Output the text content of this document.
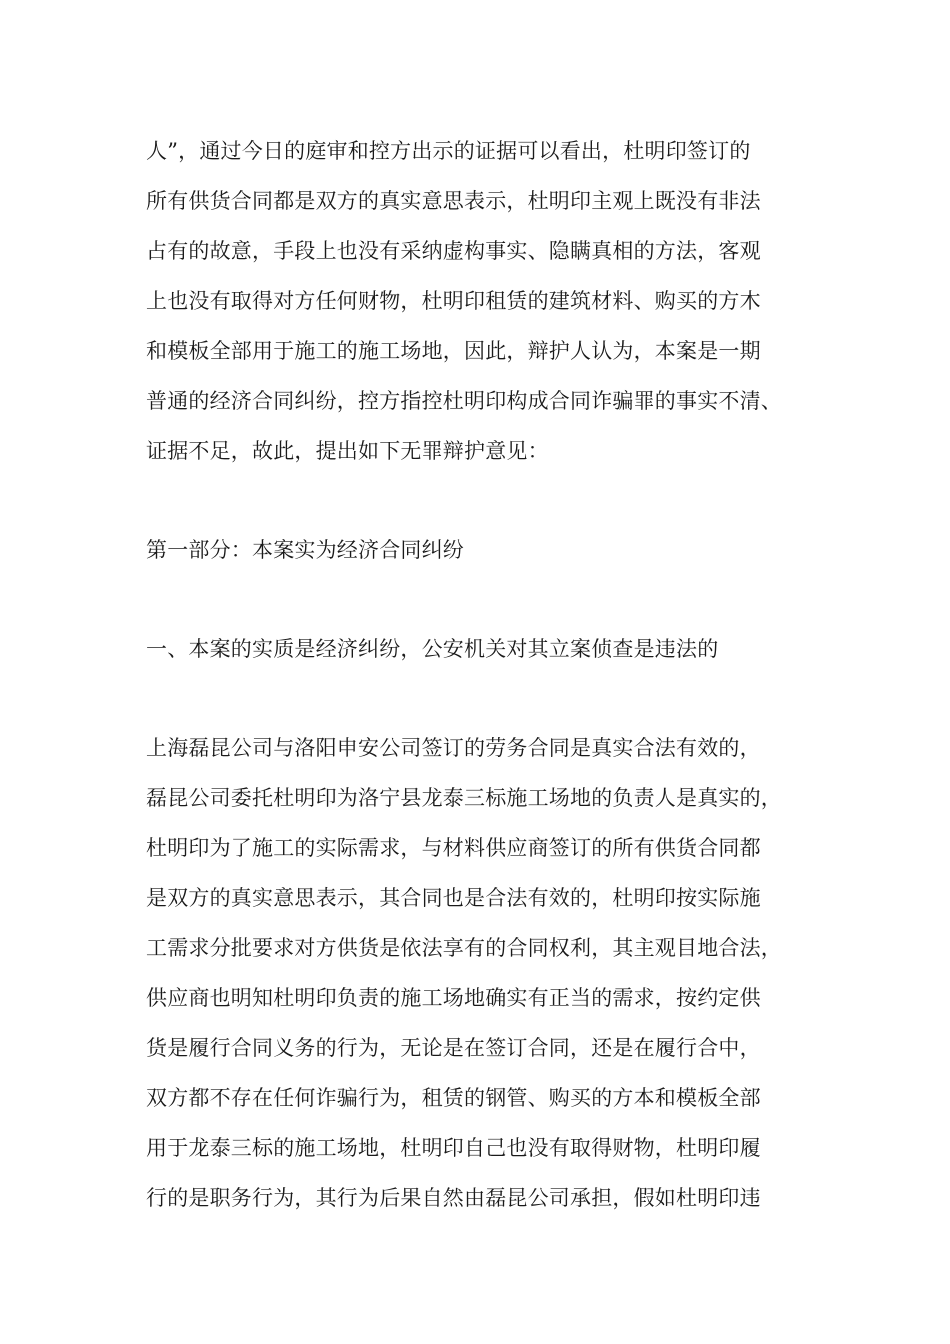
人”，通过今日的庭审和控方出示的证据可以看出，杜明印签订的
所有供货合同都是双方的真实意思表示，杜明印主观上既没有非法
占有的故意，手段上也没有采纳虚构事实、隐瞒真相的方法，客观
上也没有取得对方任何财物，杜明印租赁的建筑材料、购买的方木
和模板全部用于施工的施工场地，因此，辩护人认为，本案是一期
普通的经济合同纠纷，控方指控杜明印构成合同诈骗罪的事实不清、
证据不足，故此，提出如下无罪辩护意见：
第一部分：本案实为经济合同纠纷
一、本案的实质是经济纠纷，公安机关对其立案侦查是违法的
上海磊昆公司与洛阳申安公司签订的劳务合同是真实合法有效的，
磊昆公司委托杜明印为洛宁县龙泰三标施工场地的负责人是真实的，
杜明印为了施工的实际需求，与材料供应商签订的所有供货合同都
是双方的真实意思表示，其合同也是合法有效的，杜明印按实际施
工需求分批要求对方供货是依法享有的合同权利，其主观目地合法，
供应商也明知杜明印负责的施工场地确实有正当的需求，按约定供
货是履行合同义务的行为，无论是在签订合同，还是在履行合中，
双方都不存在任何诈骗行为，租赁的钢管、购买的方本和模板全部
用于龙泰三标的施工场地，杜明印自己也没有取得财物，杜明印履
行的是职务行为，其行为后果自然由磊昆公司承担，假如杜明印违
